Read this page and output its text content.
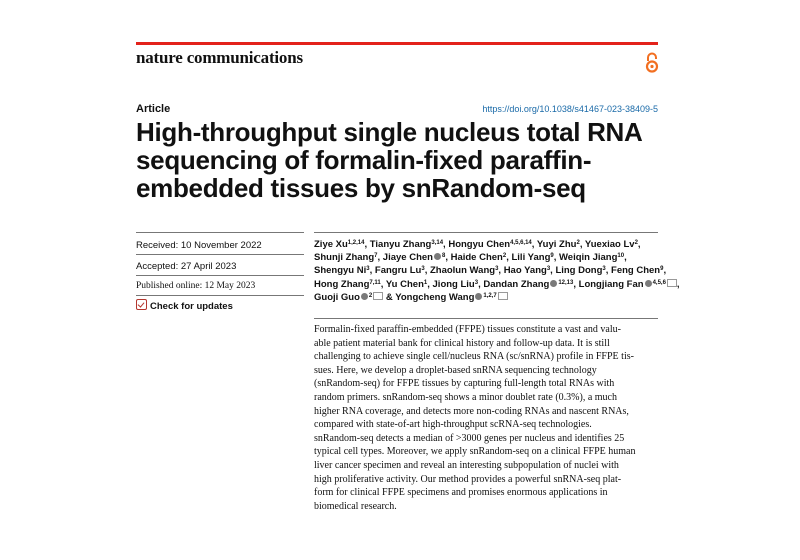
nature communications
Article	https://doi.org/10.1038/s41467-023-38409-5
High-throughput single nucleus total RNA
sequencing of formalin-fixed paraffin-
embedded tissues by snRandom-seq
Received: 10 November 2022
Accepted: 27 April 2023
Published online: 12 May 2023
Check for updates
Ziye Xu$^{1,2,14}$, Tianyu Zhang$^{3,14}$, Hongyu Chen$^{4,5,6,14}$, Yuyi Zhu$^2$, Yuexiao Lv$^2$,
Shunji Zhang$^7$, Jiaye Chen $^8$, Haide Chen$^2$, Lili Yang$^9$, Weiqin Jiang$^{10}$,
Shengyu Ni$^3$, Fangru Lu$^3$, Zhaolun Wang$^3$, Hao Yang$^3$, Ling Dong$^3$, Feng Chen$^9$,
Hong Zhang$^{7,11}$, Yu Chen$^1$, Jiong Liu$^3$, Dandan Zhang $^{12,13}$, Longjiang Fan $^{4,5,6}$ ,
Guoji Guo $^2$ & Yongcheng Wang $^{1,2,7}$
Formalin-fixed paraffin-embedded (FFPE) tissues constitute a vast and valu-
able patient material bank for clinical history and follow-up data. It is still
challenging to achieve single cell/nucleus RNA (sc/snRNA) profile in FFPE tis-
sues. Here, we develop a droplet-based snRNA sequencing technology
(snRandom-seq) for FFPE tissues by capturing full-length total RNAs with
random primers. snRandom-seq shows a minor doublet rate (0.3%), a much
higher RNA coverage, and detects more non-coding RNAs and nascent RNAs,
compared with state-of-art high-throughput scRNA-seq technologies.
snRandom-seq detects a median of >3000 genes per nucleus and identifies 25
typical cell types. Moreover, we apply snRandom-seq on a clinical FFPE human
liver cancer specimen and reveal an interesting subpopulation of nuclei with
high proliferative activity. Our method provides a powerful snRNA-seq plat-
form for clinical FFPE specimens and promises enormous applications in
biomedical research.
